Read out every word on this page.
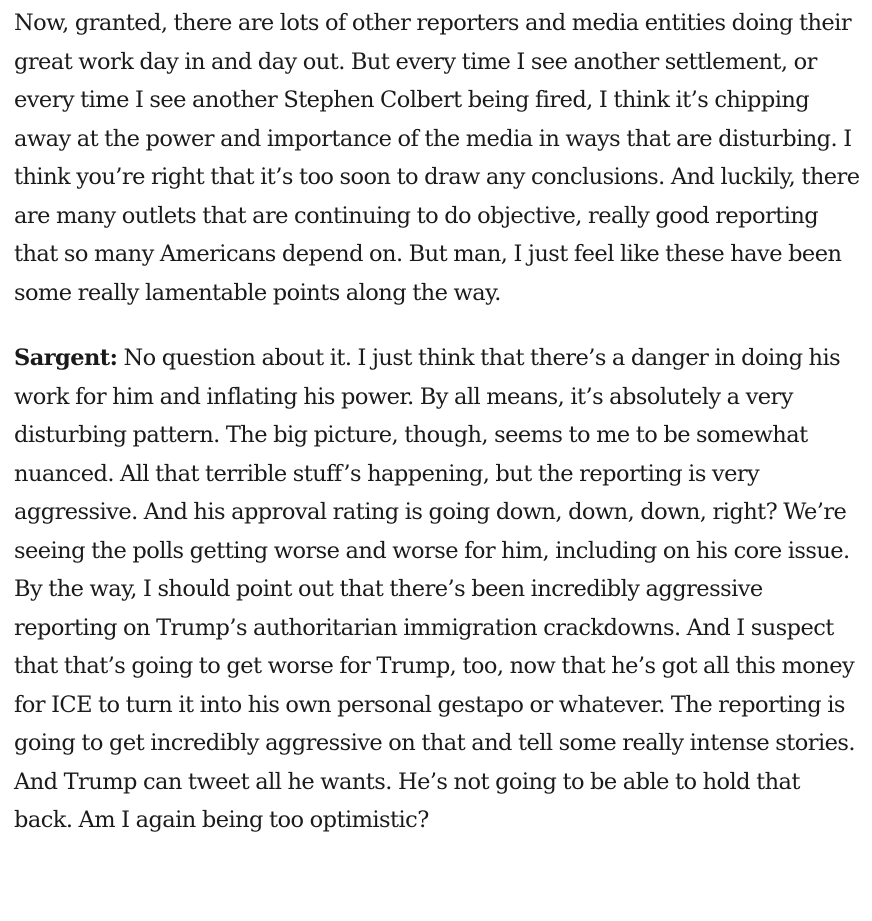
Now, granted, there are lots of other reporters and media entities doing their great work day in and day out. But every time I see another settlement, or every time I see another Stephen Colbert being fired, I think it’s chipping away at the power and importance of the media in ways that are disturbing. I think you’re right that it’s too soon to draw any conclusions. And luckily, there are many outlets that are continuing to do objective, really good reporting that so many Americans depend on. But man, I just feel like these have been some really lamentable points along the way.

Sargent: No question about it. I just think that there’s a danger in doing his work for him and inflating his power. By all means, it’s absolutely a very disturbing pattern. The big picture, though, seems to me to be somewhat nuanced. All that terrible stuff’s happening, but the reporting is very aggressive. And his approval rating is going down, down, down, right? We’re seeing the polls getting worse and worse for him, including on his core issue. By the way, I should point out that there’s been incredibly aggressive reporting on Trump’s authoritarian immigration crackdowns. And I suspect that that’s going to get worse for Trump, too, now that he’s got all this money for ICE to turn it into his own personal gestapo or whatever. The reporting is going to get incredibly aggressive on that and tell some really intense stories. And Trump can tweet all he wants. He’s not going to be able to hold that back. Am I again being too optimistic?
